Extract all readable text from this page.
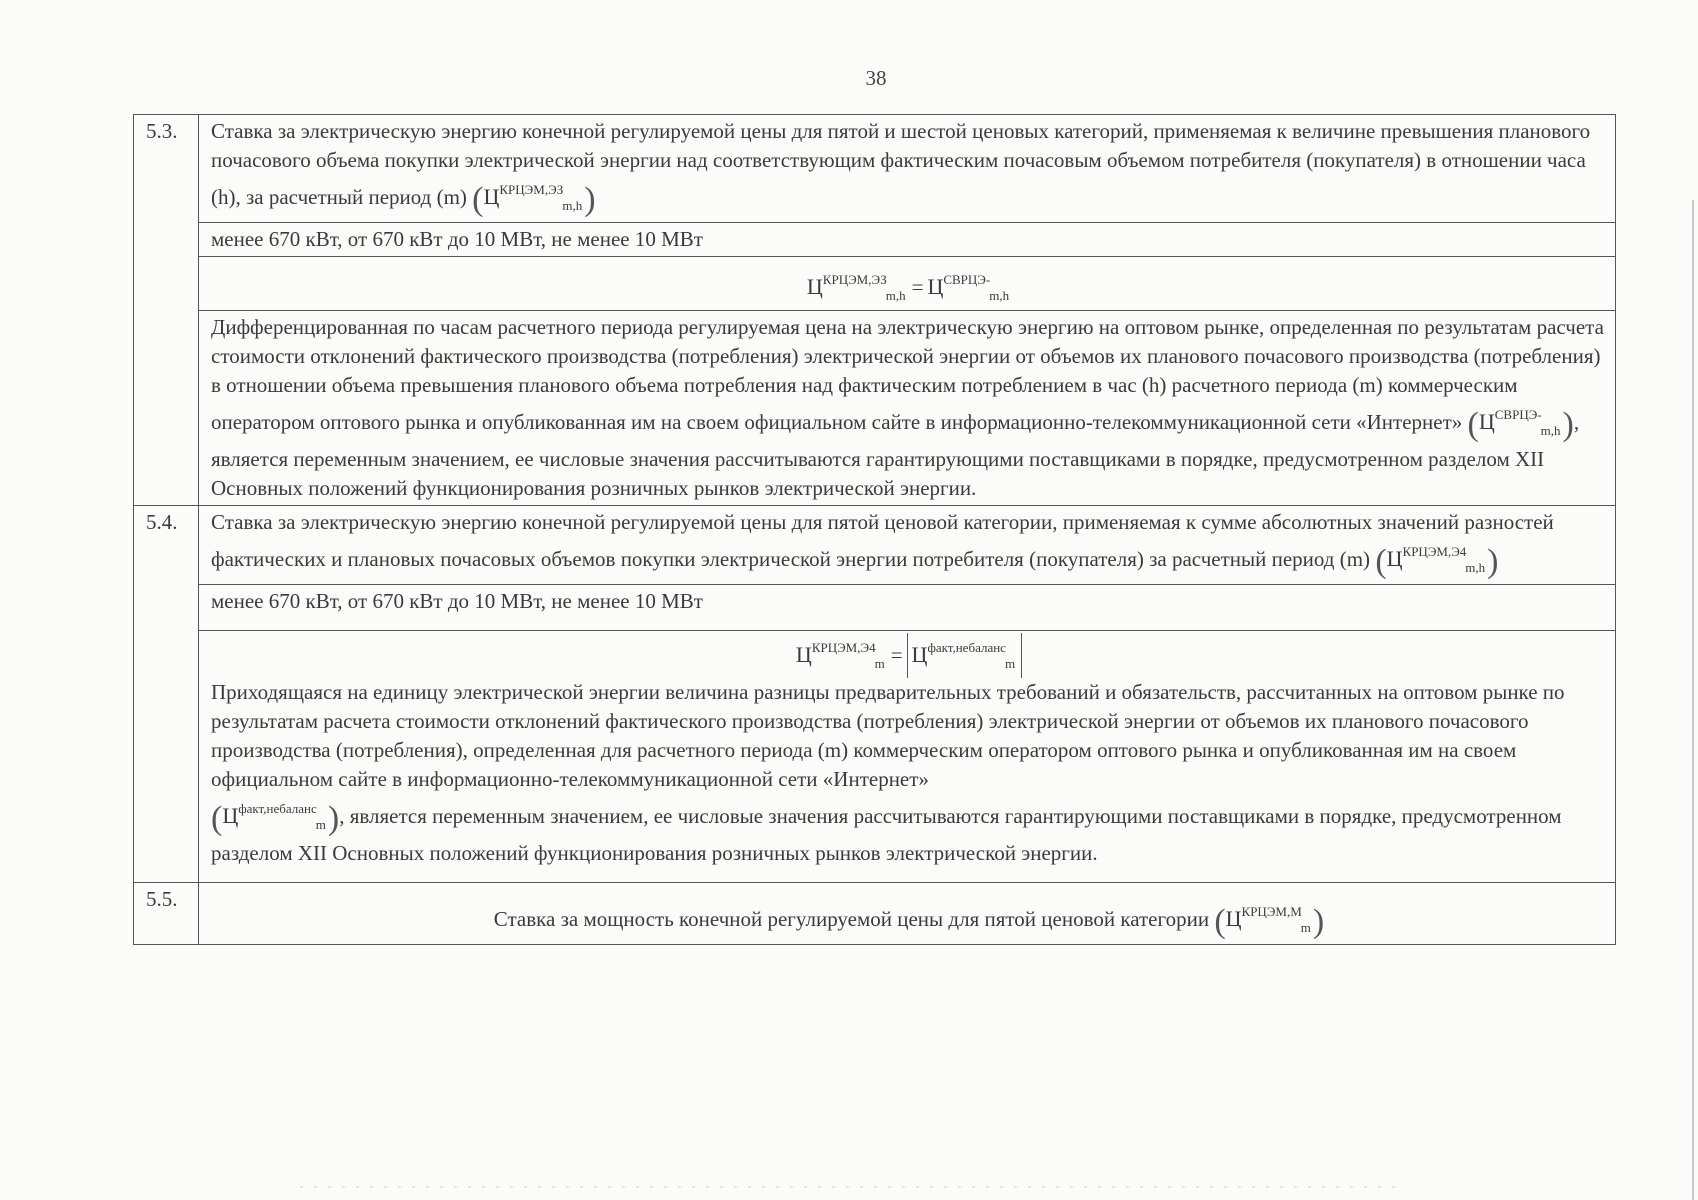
38
5.3.	Ставка за электрическую энергию конечной регулируемой цены для пятой и шестой ценовых категорий, применяемая к величине превышения планового почасового объема покупки электрической энергии над соответствующим фактическим почасовым объемом потребителя (покупателя) в отношении часа (h), за расчетный период (m) $(Ц^{КРЦЭМ,ЭЗ}_{m,h})$
	менее 670 кВт, от 670 кВт до 10 МВт, не менее 10 МВт
	$Ц^{КРЦЭМ,ЭЗ}_{m,h} = Ц^{СВРЦЭ-}_{m,h}$
	Дифференцированная по часам расчетного периода регулируемая цена на электрическую энергию на оптовом рынке, определенная по результатам расчета стоимости отклонений фактического производства (потребления) электрической энергии от объемов их планового почасового производства (потребления) в отношении объема превышения планового объема потребления над фактическим потреблением в час (h) расчетного периода (m) коммерческим оператором оптового рынка и опубликованная им на своем официальном сайте в информационно-телекоммуникационной сети «Интернет» $(Ц^{СВРЦЭ-}_{m,h})$, является переменным значением, ее числовые значения рассчитываются гарантирующими поставщиками в порядке, предусмотренном разделом XII Основных положений функционирования розничных рынков электрической энергии.
5.4.	Ставка за электрическую энергию конечной регулируемой цены для пятой ценовой категории, применяемая к сумме абсолютных значений разностей фактических и плановых почасовых объемов покупки электрической энергии потребителя (покупателя) за расчетный период (m) $(Ц^{КРЦЭМ,Э4}_{m,h})$
	менее 670 кВт, от 670 кВт до 10 МВт, не менее 10 МВт

	$Ц^{КРЦЭМ,Э4}_m = Ц^{факт,небаланс}_m$
Приходящаяся на единицу электрической энергии величина разницы предварительных требований и обязательств, рассчитанных на оптовом рынке по результатам расчета стоимости отклонений фактического производства (потребления) электрической энергии от объемов их планового почасового производства (потребления), определенная для расчетного периода (m) коммерческим оператором оптового рынка и опубликованная им на своем официальном сайте в информационно-телекоммуникационной сети «Интернет»
$(Ц^{факт,небаланс}_m)$, является переменным значением, ее числовые значения рассчитываются гарантирующими поставщиками в порядке, предусмотренном разделом XII Основных положений функционирования розничных рынков электрической энергии.

5.5.	Ставка за мощность конечной регулируемой цены для пятой ценовой категории $(Ц^{КРЦЭМ,М}_m)$
